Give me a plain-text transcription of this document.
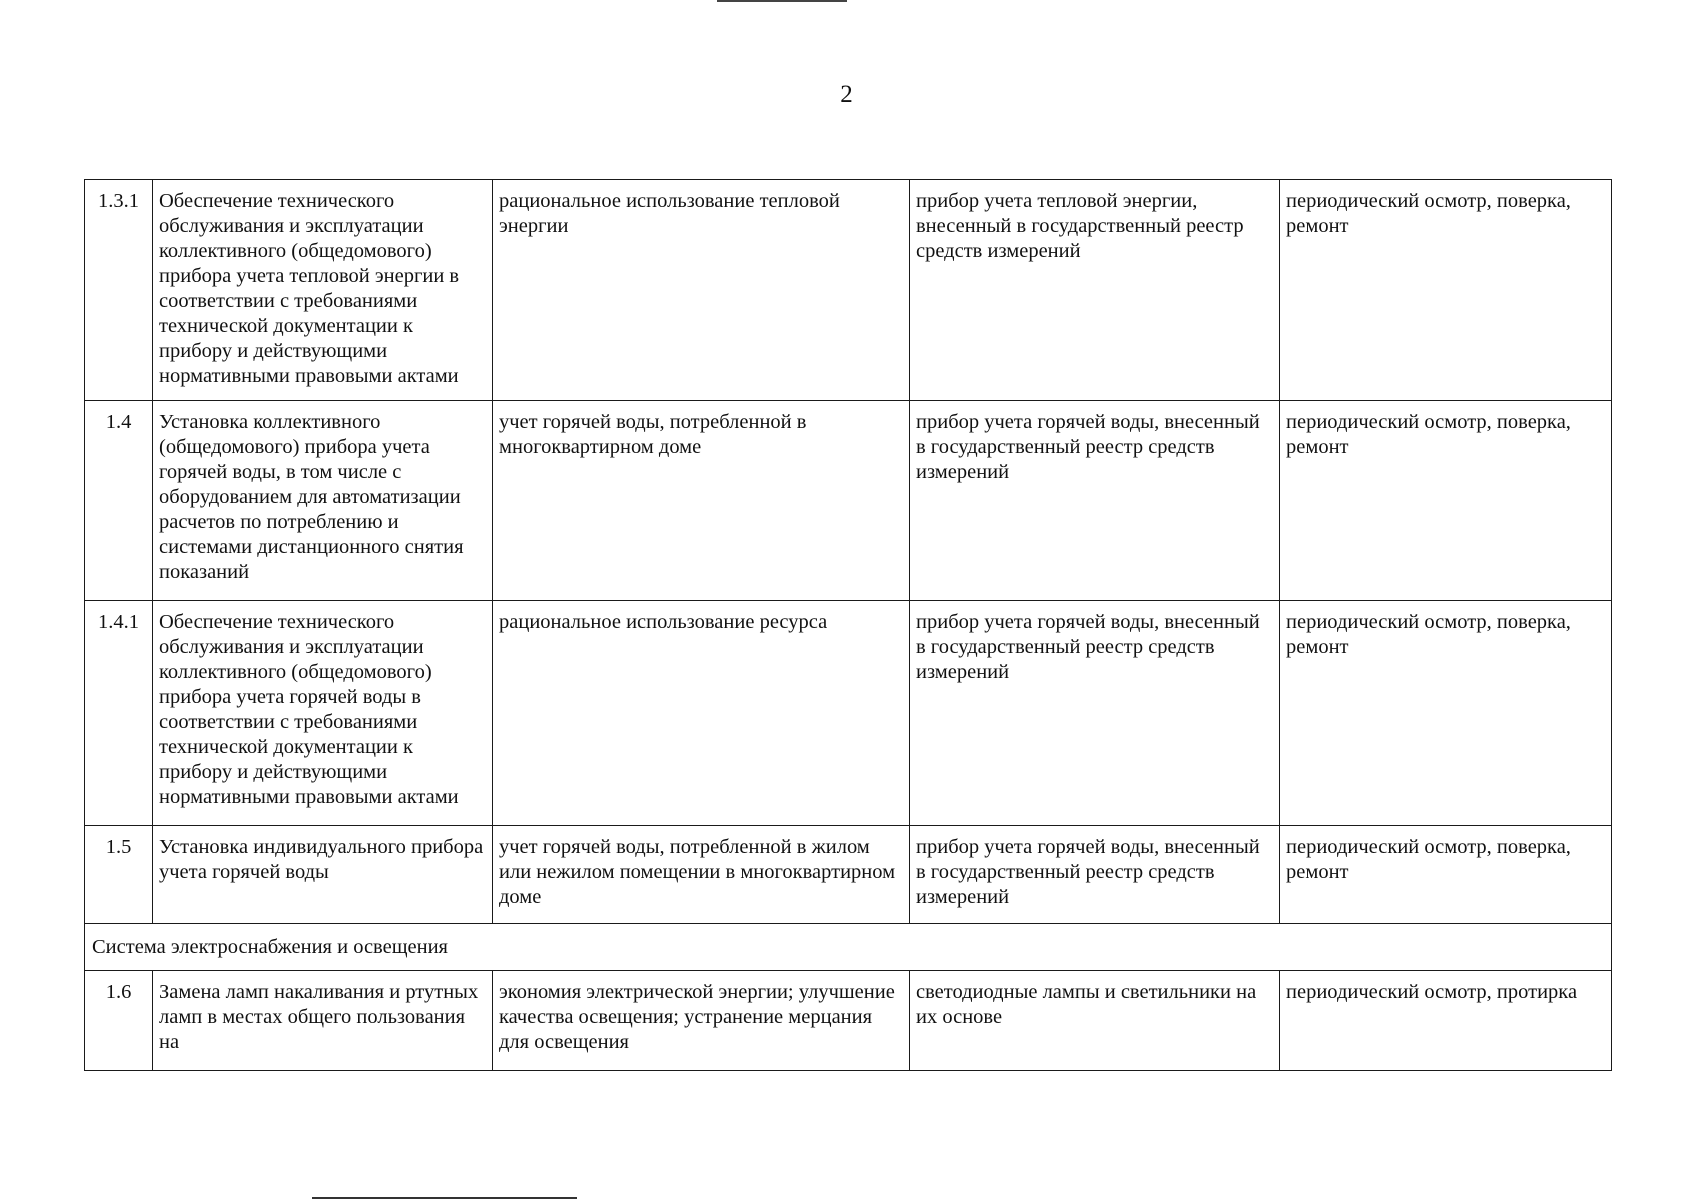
2
1.3.1	Обеспечение технического обслуживания и эксплуатации коллективного (общедомового) прибора учета тепловой энергии в соответствии с требованиями технической документации к прибору и действующими нормативными правовыми актами	рациональное использование тепловой энергии	прибор учета тепловой энергии, внесенный в государственный реестр средств измерений	периодический осмотр, поверка, ремонт
1.4	Установка коллективного (общедомового) прибора учета горячей воды, в том числе с оборудованием для автоматизации расчетов по потреблению и системами дистанционного снятия показаний	учет горячей воды, потребленной в многоквартирном доме	прибор учета горячей воды, внесенный в государственный реестр средств измерений	периодический осмотр, поверка, ремонт
1.4.1	Обеспечение технического обслуживания и эксплуатации коллективного (общедомового) прибора учета горячей воды в соответствии с требованиями технической документации к прибору и действующими нормативными правовыми актами	рациональное использование ресурса	прибор учета горячей воды, внесенный в государственный реестр средств измерений	периодический осмотр, поверка, ремонт
1.5	Установка индивидуального прибора учета горячей воды	учет горячей воды, потребленной в жилом или нежилом помещении в многоквартирном доме	прибор учета горячей воды, внесенный в государственный реестр средств измерений	периодический осмотр, поверка, ремонт
Система электроснабжения и освещения				
1.6	Замена ламп накаливания и ртутных ламп в местах общего пользования на	экономия электрической энергии; улучшение качества освещения; устранение мерцания для освещения	светодиодные лампы и светильники на их основе	периодический осмотр, протирка
